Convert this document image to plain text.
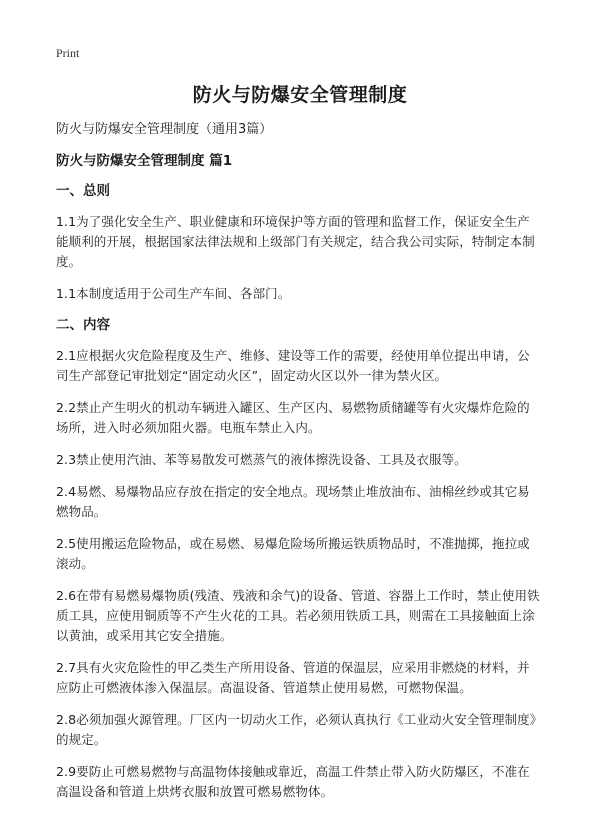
Print
防火与防爆安全管理制度

防火与防爆安全管理制度（通用3篇）

防火与防爆安全管理制度 篇1

一、总则

1.1为了强化安全生产、职业健康和环境保护等方面的管理和监督工作，保证安全生产能顺利的开展，根据国家法律法规和上级部门有关规定，结合我公司实际，特制定本制度。

1.1本制度适用于公司生产车间、各部门。

二、内容

2.1应根据火灾危险程度及生产、维修、建设等工作的需要，经使用单位提出申请，公司生产部登记审批划定“固定动火区”，固定动火区以外一律为禁火区。

2.2禁止产生明火的机动车辆进入罐区、生产区内、易燃物质储罐等有火灾爆炸危险的场所，进入时必须加阻火器。电瓶车禁止入内。

2.3禁止使用汽油、苯等易散发可燃蒸气的液体擦洗设备、工具及衣服等。

2.4易燃、易爆物品应存放在指定的安全地点。现场禁止堆放油布、油棉丝纱或其它易燃物品。

2.5使用搬运危险物品，或在易燃、易爆危险场所搬运铁质物品时，不准抛掷，拖拉或滚动。

2.6在带有易燃易爆物质(残渣、残液和余气)的设备、管道、容器上工作时，禁止使用铁质工具，应使用铜质等不产生火花的工具。若必须用铁质工具，则需在工具接触面上涂以黄油，或采用其它安全措施。

2.7具有火灾危险性的甲乙类生产所用设备、管道的保温层，应采用非燃烧的材料，并应防止可燃液体渗入保温层。高温设备、管道禁止使用易燃，可燃物保温。

2.8必须加强火源管理。厂区内一切动火工作，必须认真执行《工业动火安全管理制度》的规定。

2.9要防止可燃易燃物与高温物体接触或靠近，高温工件禁止带入防火防爆区，不准在高温设备和管道上烘烤衣服和放置可燃易燃物体。
